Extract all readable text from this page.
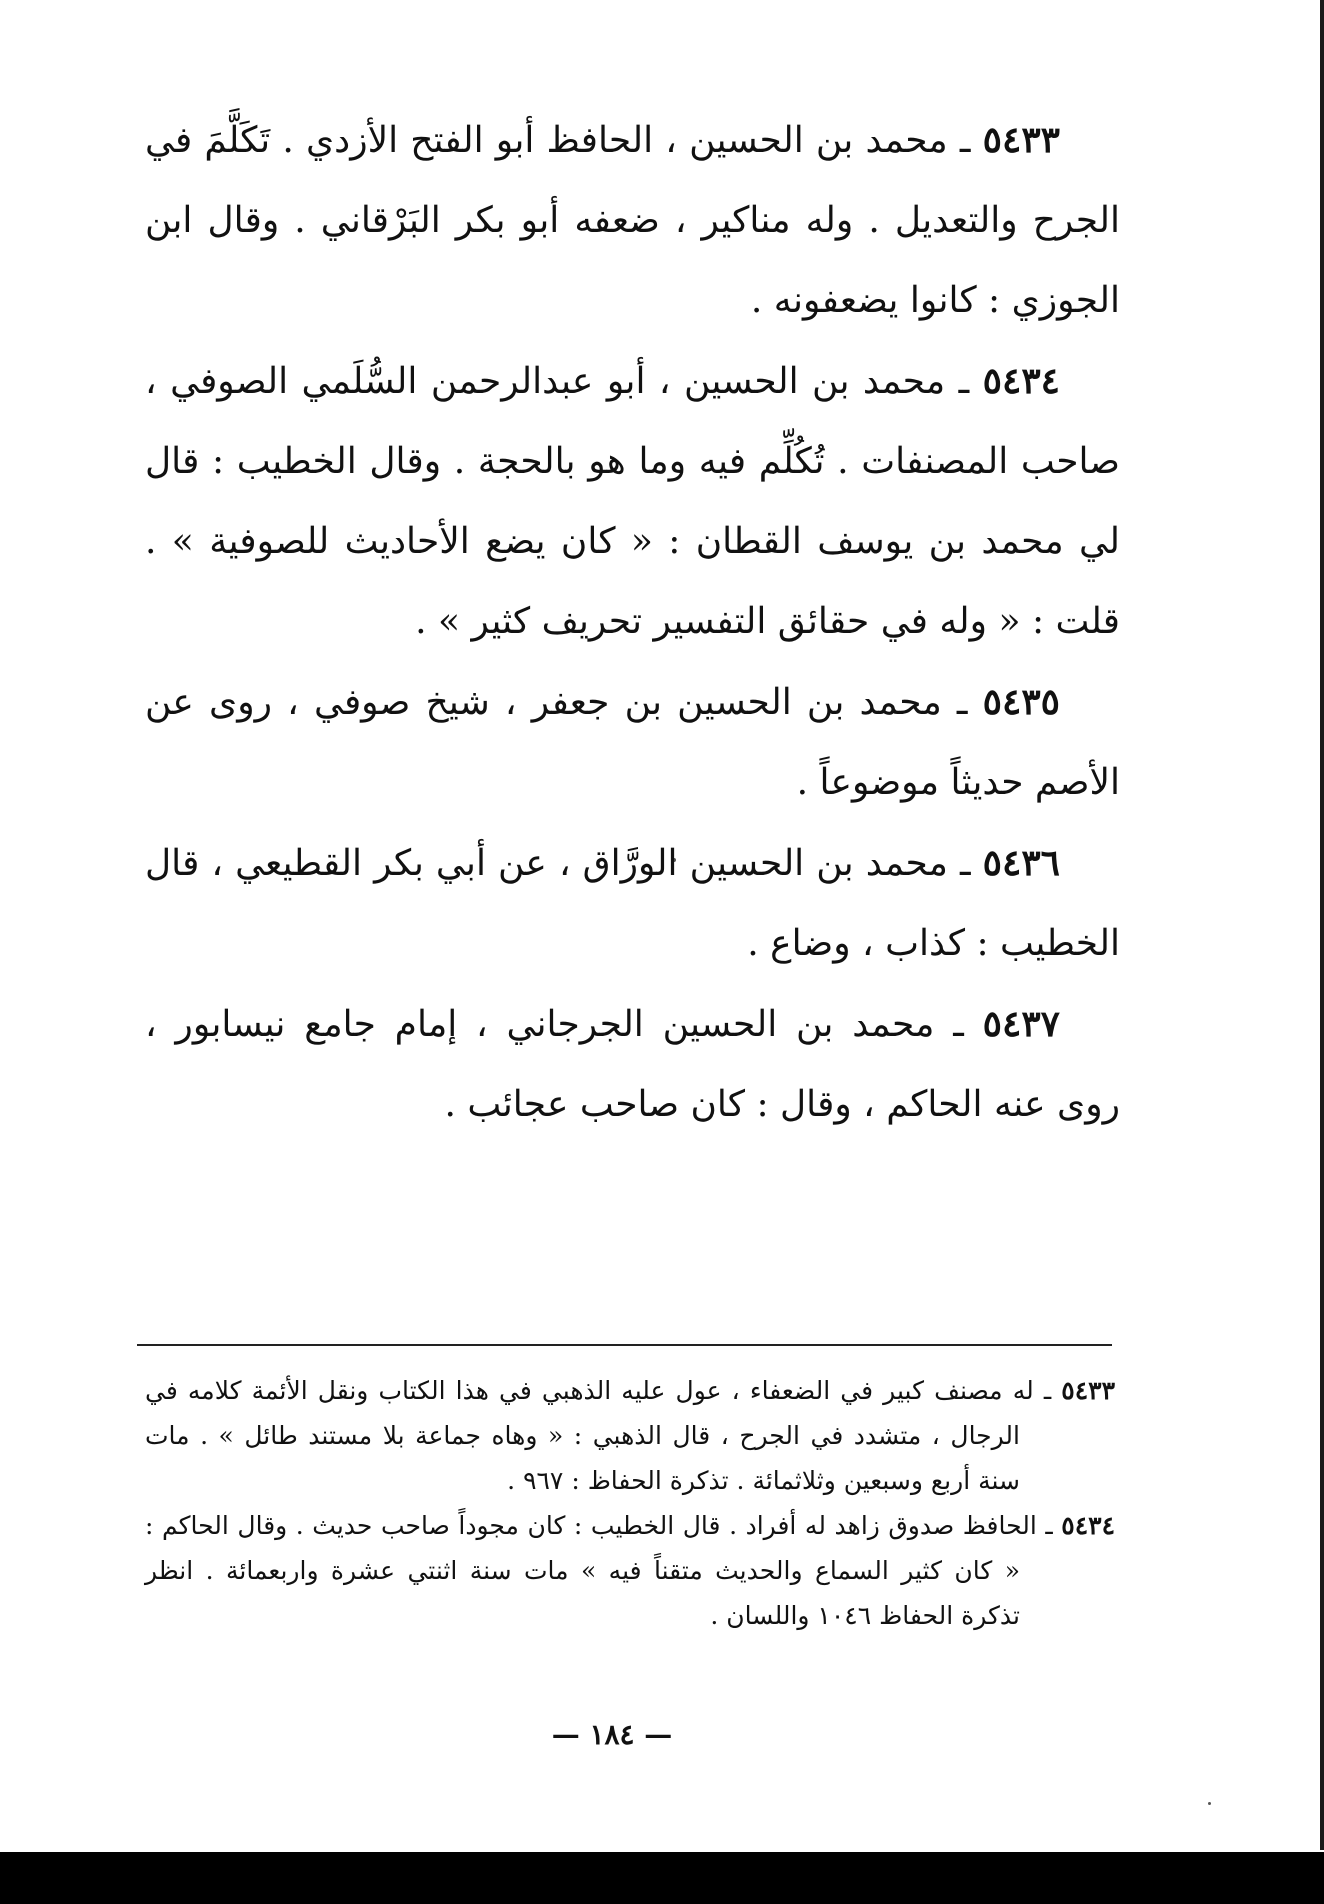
٥٤٣٣ ـ محمد بن الحسين ، الحافظ أبو الفتح الأزدي . تَكَلَّمَ في الجرح والتعديل . وله مناكير ، ضعفه أبو بكر البَرْقاني . وقال ابن الجوزي : كانوا يضعفونه .

٥٤٣٤ ـ محمد بن الحسين ، أبو عبدالرحمن السُّلَمي الصوفي ، صاحب المصنفات . تُكُلِّم فيه وما هو بالحجة . وقال الخطيب : قال لي محمد بن يوسف القطان : « كان يضع الأحاديث للصوفية » . قلت : « وله في حقائق التفسير تحريف كثير » .

٥٤٣٥ ـ محمد بن الحسين بن جعفر ، شيخ صوفي ، روى عن الأصم حديثاً موضوعاً .

٥٤٣٦ ـ محمد بن الحسين الورَّاق ، عن أبي بكر القطيعي ، قال الخطيب : كذاب ، وضاع .

٥٤٣٧ ـ محمد بن الحسين الجرجاني ، إمام جامع نيسابور ، روى عنه الحاكم ، وقال : كان صاحب عجائب .

٥٤٣٣ ـ له مصنف كبير في الضعفاء ، عول عليه الذهبي في هذا الكتاب ونقل الأئمة كلامه في الرجال ، متشدد في الجرح ، قال الذهبي : « وهاه جماعة بلا مستند طائل » . مات سنة أربع وسبعين وثلاثمائة . تذكرة الحفاظ : ٩٦٧ .

٥٤٣٤ ـ الحافظ صدوق زاهد له أفراد . قال الخطيب : كان مجوداً صاحب حديث . وقال الحاكم : « كان كثير السماع والحديث متقناً فيه » مات سنة اثنتي عشرة واربعمائة . انظر تذكرة الحفاظ ١٠٤٦ واللسان .

— ١٨٤ —
